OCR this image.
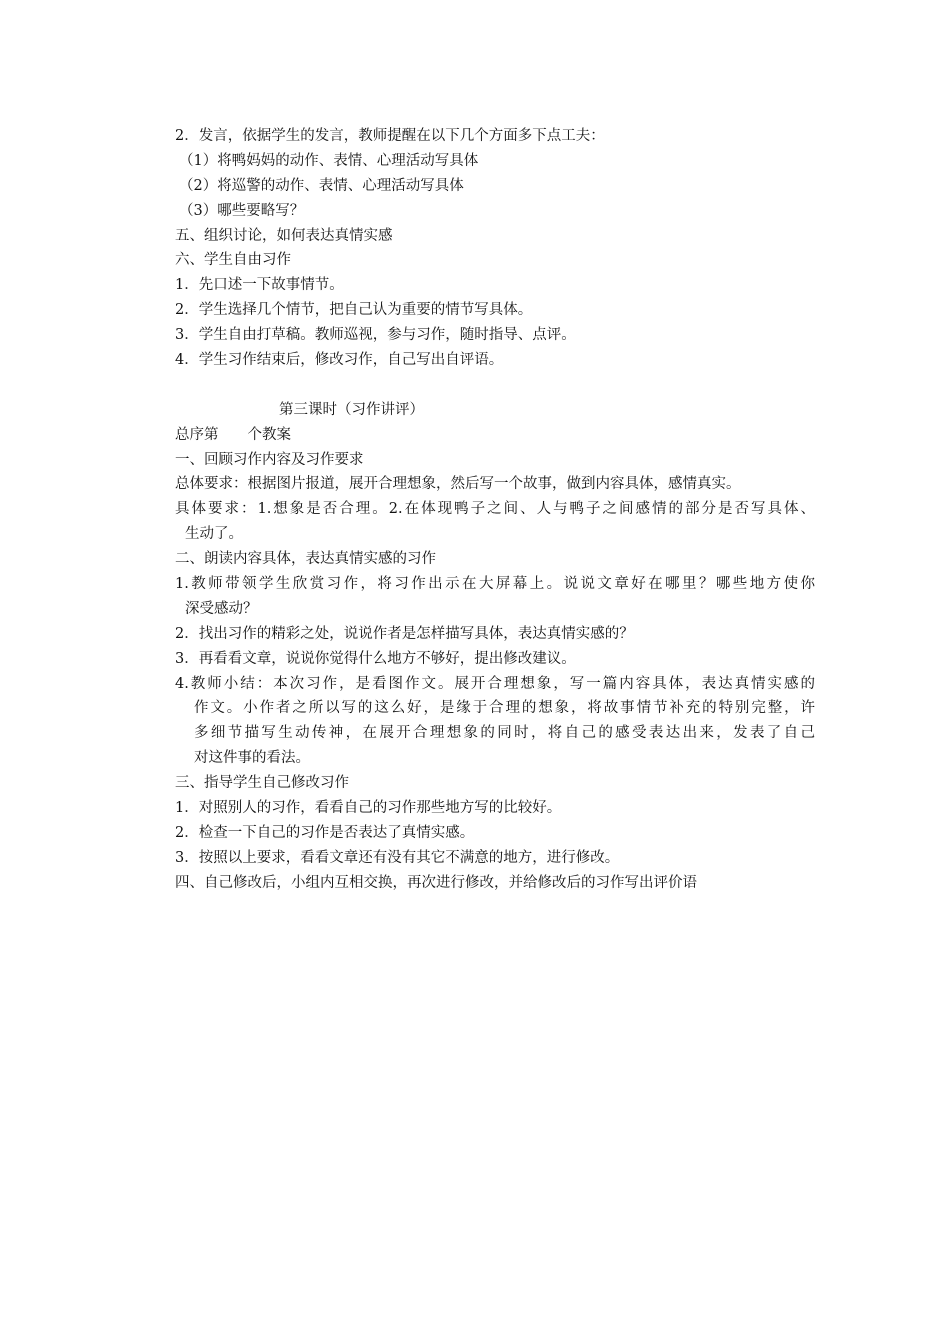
2．发言，依据学生的发言，教师提醒在以下几个方面多下点工夫：
（1）将鸭妈妈的动作、表情、心理活动写具体
（2）将巡警的动作、表情、心理活动写具体
（3）哪些要略写？
五、组织讨论，如何表达真情实感
六、学生自由习作
1．先口述一下故事情节。
2．学生选择几个情节，把自己认为重要的情节写具体。
3．学生自由打草稿。教师巡视，参与习作，随时指导、点评。
4．学生习作结束后，修改习作，自己写出自评语。
第三课时（习作讲评）
总序第　　个教案
一、回顾习作内容及习作要求
总体要求：根据图片报道，展开合理想象，然后写一个故事，做到内容具体，感情真实。
具体要求：1.想象是否合理。2.在体现鸭子之间、人与鸭子之间感情的部分是否写具体、
生动了。
二、朗读内容具体，表达真情实感的习作
1.教师带领学生欣赏习作，将习作出示在大屏幕上。说说文章好在哪里？哪些地方使你
深受感动？
2．找出习作的精彩之处，说说作者是怎样描写具体，表达真情实感的？
3．再看看文章，说说你觉得什么地方不够好，提出修改建议。
4.教师小结：本次习作，是看图作文。展开合理想象，写一篇内容具体，表达真情实感的
作文。小作者之所以写的这么好，是缘于合理的想象，将故事情节补充的特别完整，许
多细节描写生动传神，在展开合理想象的同时，将自己的感受表达出来，发表了自己
对这件事的看法。
三、指导学生自己修改习作
1．对照别人的习作，看看自己的习作那些地方写的比较好。
2．检查一下自己的习作是否表达了真情实感。
3．按照以上要求，看看文章还有没有其它不满意的地方，进行修改。
四、自己修改后，小组内互相交换，再次进行修改，并给修改后的习作写出评价语
